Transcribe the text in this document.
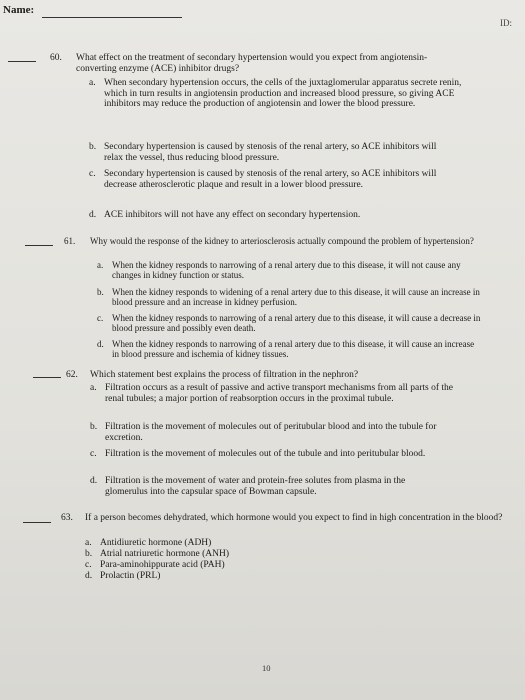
Name:
ID:
60. What effect on the treatment of secondary hypertension would you expect from angiotensin-converting enzyme (ACE) inhibitor drugs?
a. When secondary hypertension occurs, the cells of the juxtaglomerular apparatus secrete renin, which in turn results in angiotensin production and increased blood pressure, so giving ACE inhibitors may reduce the production of angiotensin and lower the blood pressure.
b. Secondary hypertension is caused by stenosis of the renal artery, so ACE inhibitors will relax the vessel, thus reducing blood pressure.
c. Secondary hypertension is caused by stenosis of the renal artery, so ACE inhibitors will decrease atherosclerotic plaque and result in a lower blood pressure.
d. ACE inhibitors will not have any effect on secondary hypertension.
61. Why would the response of the kidney to arteriosclerosis actually compound the problem of hypertension?
a. When the kidney responds to narrowing of a renal artery due to this disease, it will not cause any changes in kidney function or status.
b. When the kidney responds to widening of a renal artery due to this disease, it will cause an increase in blood pressure and an increase in kidney perfusion.
c. When the kidney responds to narrowing of a renal artery due to this disease, it will cause a decrease in blood pressure and possibly even death.
d. When the kidney responds to narrowing of a renal artery due to this disease, it will cause an increase in blood pressure and ischemia of kidney tissues.
62. Which statement best explains the process of filtration in the nephron?
a. Filtration occurs as a result of passive and active transport mechanisms from all parts of the renal tubules; a major portion of reabsorption occurs in the proximal tubule.
b. Filtration is the movement of molecules out of peritubular blood and into the tubule for excretion.
c. Filtration is the movement of molecules out of the tubule and into peritubular blood.
d. Filtration is the movement of water and protein-free solutes from plasma in the glomerulus into the capsular space of Bowman capsule.
63. If a person becomes dehydrated, which hormone would you expect to find in high concentration in the blood?
a. Antidiuretic hormone (ADH)
b. Atrial natriuretic hormone (ANH)
c. Para-aminohippurate acid (PAH)
d. Prolactin (PRL)
10
